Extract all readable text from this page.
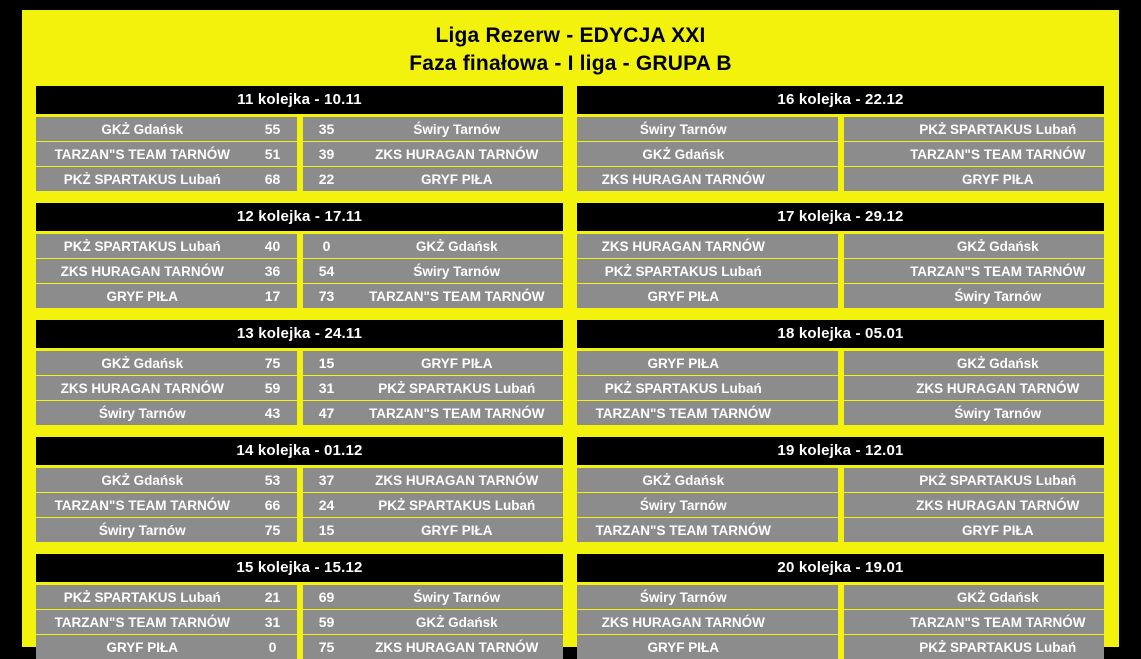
Liga Rezerw - EDYCJA XXI
Faza finałowa - I liga - GRUPA B
11 kolejka - 10.11
GKŻ Gdańsk	55	35	Świry Tarnów
TARZAN"S TEAM TARNÓW	51	39	ZKS HURAGAN TARNÓW
PKŻ SPARTAKUS Lubań	68	22	GRYF PIŁA
12 kolejka - 17.11
PKŻ SPARTAKUS Lubań	40	0	GKŻ Gdańsk
ZKS HURAGAN TARNÓW	36	54	Świry Tarnów
GRYF PIŁA	17	73	TARZAN"S TEAM TARNÓW
13 kolejka - 24.11
GKŻ Gdańsk	75	15	GRYF PIŁA
ZKS HURAGAN TARNÓW	59	31	PKŻ SPARTAKUS Lubań
Świry Tarnów	43	47	TARZAN"S TEAM TARNÓW
14 kolejka - 01.12
GKŻ Gdańsk	53	37	ZKS HURAGAN TARNÓW
TARZAN"S TEAM TARNÓW	66	24	PKŻ SPARTAKUS Lubań
Świry Tarnów	75	15	GRYF PIŁA
15 kolejka - 15.12
PKŻ SPARTAKUS Lubań	21	69	Świry Tarnów
TARZAN"S TEAM TARNÓW	31	59	GKŻ Gdańsk
GRYF PIŁA	0	75	ZKS HURAGAN TARNÓW
16 kolejka - 22.12
Świry Tarnów	PKŻ SPARTAKUS Lubań
GKŻ Gdańsk	TARZAN"S TEAM TARNÓW
ZKS HURAGAN TARNÓW	GRYF PIŁA
17 kolejka - 29.12
ZKS HURAGAN TARNÓW	GKŻ Gdańsk
PKŻ SPARTAKUS Lubań	TARZAN"S TEAM TARNÓW
GRYF PIŁA	Świry Tarnów
18 kolejka - 05.01
GRYF PIŁA	GKŻ Gdańsk
PKŻ SPARTAKUS Lubań	ZKS HURAGAN TARNÓW
TARZAN"S TEAM TARNÓW	Świry Tarnów
19 kolejka - 12.01
GKŻ Gdańsk	PKŻ SPARTAKUS Lubań
Świry Tarnów	ZKS HURAGAN TARNÓW
TARZAN"S TEAM TARNÓW	GRYF PIŁA
20 kolejka - 19.01
Świry Tarnów	GKŻ Gdańsk
ZKS HURAGAN TARNÓW	TARZAN"S TEAM TARNÓW
GRYF PIŁA	PKŻ SPARTAKUS Lubań
